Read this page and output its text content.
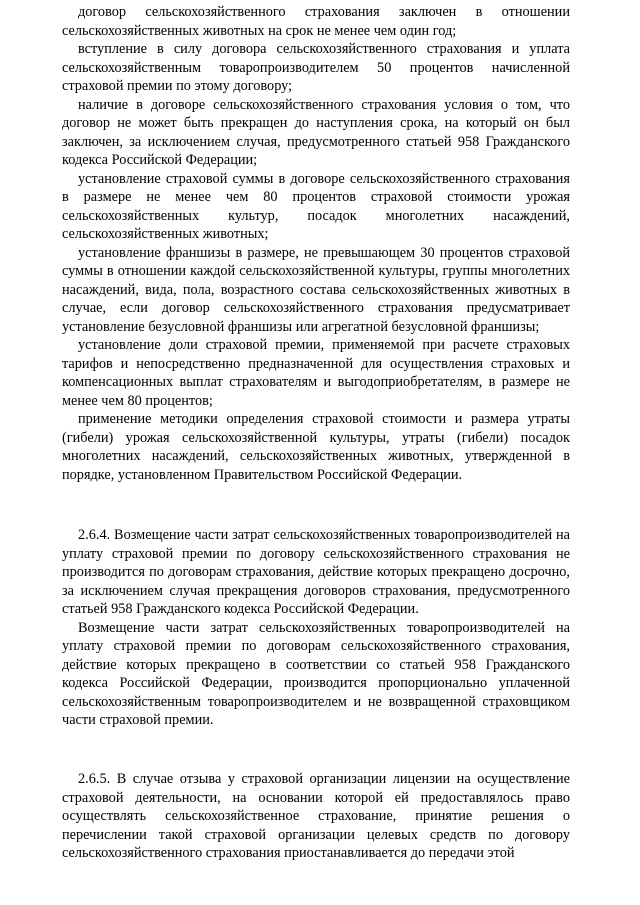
договор сельскохозяйственного страхования заключен в отношении сельскохозяйственных животных на срок не менее чем один год;

вступление в силу договора сельскохозяйственного страхования и уплата сельскохозяйственным товаропроизводителем 50 процентов начисленной страховой премии по этому договору;

наличие в договоре сельскохозяйственного страхования условия о том, что договор не может быть прекращен до наступления срока, на который он был заключен, за исключением случая, предусмотренного статьей 958 Гражданского кодекса Российской Федерации;

установление страховой суммы в договоре сельскохозяйственного страхования в размере не менее чем 80 процентов страховой стоимости урожая сельскохозяйственных культур, посадок многолетних насаждений, сельскохозяйственных животных;

установление франшизы в размере, не превышающем 30 процентов страховой суммы в отношении каждой сельскохозяйственной культуры, группы многолетних насаждений, вида, пола, возрастного состава сельскохозяйственных животных в случае, если договор сельскохозяйственного страхования предусматривает установление безусловной франшизы или агрегатной безусловной франшизы;

установление доли страховой премии, применяемой при расчете страховых тарифов и непосредственно предназначенной для осуществления страховых и компенсационных выплат страхователям и выгодоприобретателям, в размере не менее чем 80 процентов;

применение методики определения страховой стоимости и размера утраты (гибели) урожая сельскохозяйственной культуры, утраты (гибели) посадок многолетних насаждений, сельскохозяйственных животных, утвержденной в порядке, установленном Правительством Российской Федерации.

2.6.4. Возмещение части затрат сельскохозяйственных товаропроизводителей на уплату страховой премии по договору сельскохозяйственного страхования не производится по договорам страхования, действие которых прекращено досрочно, за исключением случая прекращения договоров страхования, предусмотренного статьей 958 Гражданского кодекса Российской Федерации.

Возмещение части затрат сельскохозяйственных товаропроизводителей на уплату страховой премии по договорам сельскохозяйственного страхования, действие которых прекращено в соответствии со статьей 958 Гражданского кодекса Российской Федерации, производится пропорционально уплаченной сельскохозяйственным товаропроизводителем и не возвращенной страховщиком части страховой премии.

2.6.5. В случае отзыва у страховой организации лицензии на осуществление страховой деятельности, на основании которой ей предоставлялось право осуществлять сельскохозяйственное страхование, принятие решения о перечислении такой страховой организации целевых средств по договору сельскохозяйственного страхования приостанавливается до передачи этой
